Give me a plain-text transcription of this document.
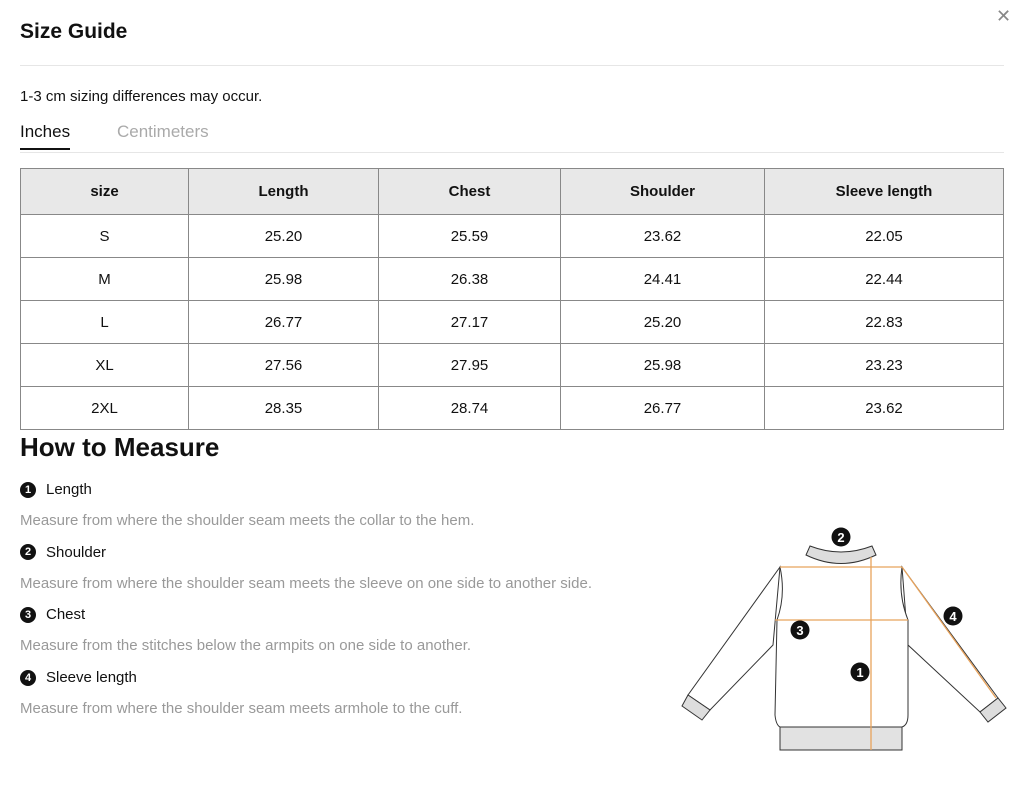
Size Guide
✕
1-3 cm sizing differences may occur.
Inches	Centimeters
size	Length	Chest	Shoulder	Sleeve length
S	25.20	25.59	23.62	22.05
M	25.98	26.38	24.41	22.44
L	26.77	27.17	25.20	22.83
XL	27.56	27.95	25.98	23.23
2XL	28.35	28.74	26.77	23.62
How to Measure
1 Length
Measure from where the shoulder seam meets the collar to the hem.
2 Shoulder
Measure from where the shoulder seam meets the sleeve on one side to another side.
3 Chest
Measure from the stitches below the armpits on one side to another.
4 Sleeve length
Measure from where the shoulder seam meets armhole to the cuff.
2
3
1
4
